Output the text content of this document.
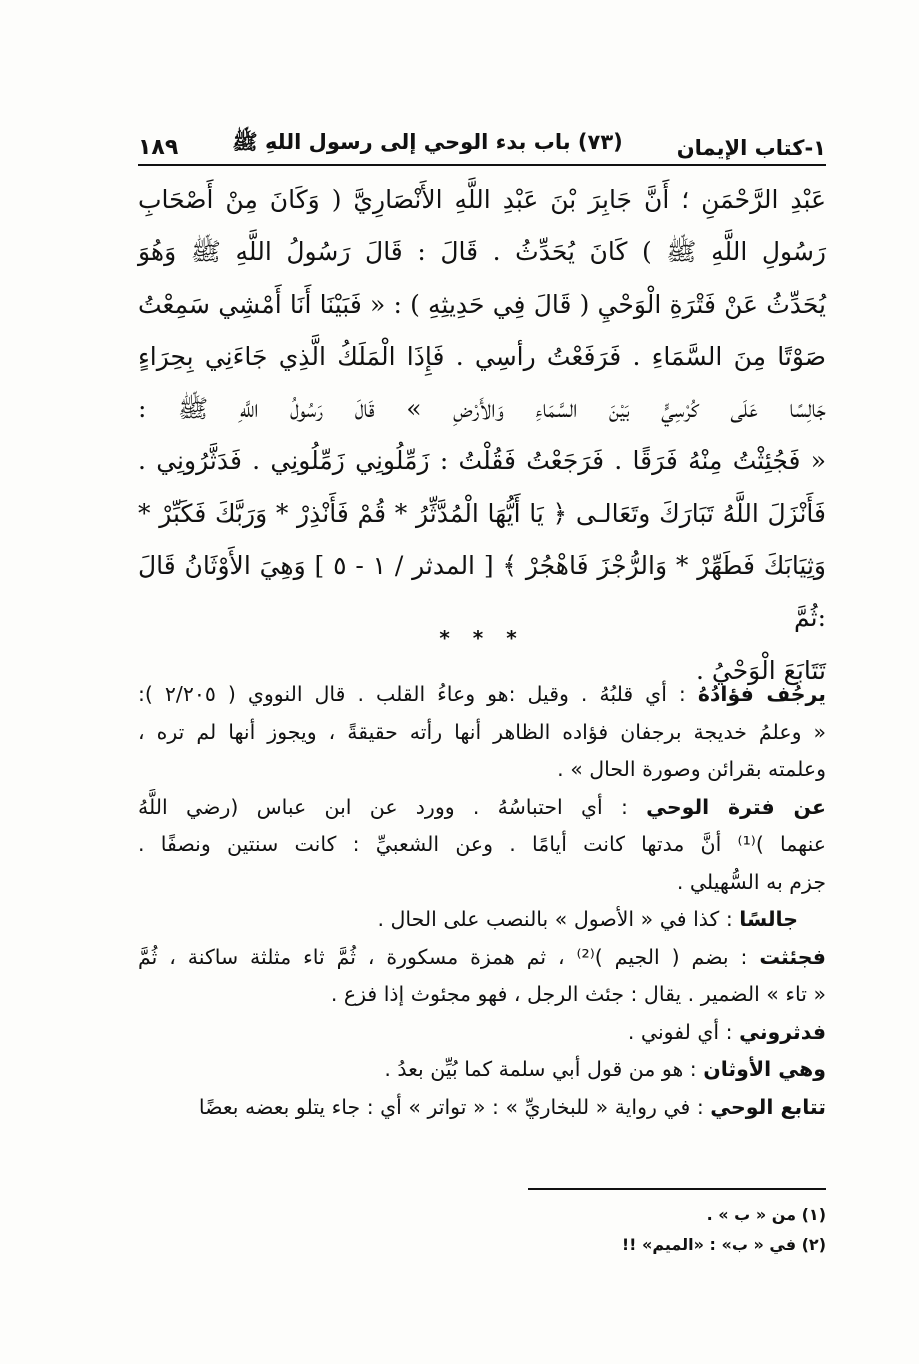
١-كتاب الإيمان
(٧٣) باب بدء الوحي إلى رسول اللهِ ﷺ
١٨٩
عَبْدِ الرَّحْمَنِ ؛ أَنَّ جَابِرَ بْنَ عَبْدِ اللَّهِ الأَنْصَارِيَّ ( وَكَانَ مِنْ أَصْحَابِ
رَسُولِ اللَّهِ ﷺ ) كَانَ يُحَدِّثُ . قَالَ : قَالَ رَسُولُ اللَّهِ ﷺ وَهُوَ
يُحَدِّثُ عَنْ فَتْرَةِ الْوَحْيِ ( قَالَ فِي حَدِيثِهِ ) : « فَبَيْنَا أَنَا أَمْشِي سَمِعْتُ
صَوْتًا مِنَ السَّمَاءِ . فَرَفَعْتُ رأسِي . فَإِذَا الْمَلَكُ الَّذِي جَاءَنِي بِحِرَاءٍ
جَالِسًا عَلَى كُرْسِيٍّ بَيْنَ السَّمَاءِ وَالأَرْضِ » قَالَ رَسُولُ اللَّهِ ﷺ :
« فَجُئِثْتُ مِنْهُ فَرَقًا . فَرَجَعْتُ فَقُلْتُ : زَمِّلُونِي زَمِّلُونِي . فَدَثَّرُونِي .
فَأَنْزَلَ اللَّهُ تَبَارَكَ وتَعَالـى ﴿ يَا أَيُّهَا الْمُدَّثِّرُ * قُمْ فَأَنْذِرْ * وَرَبَّكَ فَكَبِّرْ *
وَثِيَابَكَ فَطَهِّرْ * وَالرُّجْزَ فَاهْجُرْ ﴾ [ المدثر / ١ - ٥ ] وَهِيَ الأَوْثَانُ قَالَ :ثُمَّ
تَتَابَعَ الْوَحْيُ .
* * *
يرجُف فؤادُهُ : أي قلبُهُ . وقيل :هو وعاءُ القلب . قال النووي ( ٢/٢٠٥ ):
« وعلمُ خديجة برجفان فؤاده الظاهر أنها رأته حقيقةً ، ويجوز أنها لم تره ،
وعلمته بقرائن وصورة الحال » .
عن فترة الوحي : أي احتباسُهُ . وورد عن ابن عباس (رضي اللَّهُ
عنهما )⁽¹⁾ أنَّ مدتها كانت أيامًا . وعن الشعبيِّ : كانت سنتين ونصفًا .
جزم به السُّهيلي .
جالسًا : كذا في « الأصول » بالنصب على الحال .
فجئثت : بضم ( الجيم )⁽²⁾ ، ثم همزة مسكورة ، ثُمَّ ثاء مثلثة ساكنة ، ثُمَّ
« تاء » الضمير . يقال : جئث الرجل ، فهو مجئوث إذا فزع .
فدثروني : أي لفوني .
وهي الأوثان : هو من قول أبي سلمة كما بُيِّن بعدُ .
تتابع الوحي : في رواية « للبخاريِّ » : « تواتر » أي : جاء يتلو بعضه بعضًا
(١) من « ب » .
(٢) في « ب» : «الميم» !!
